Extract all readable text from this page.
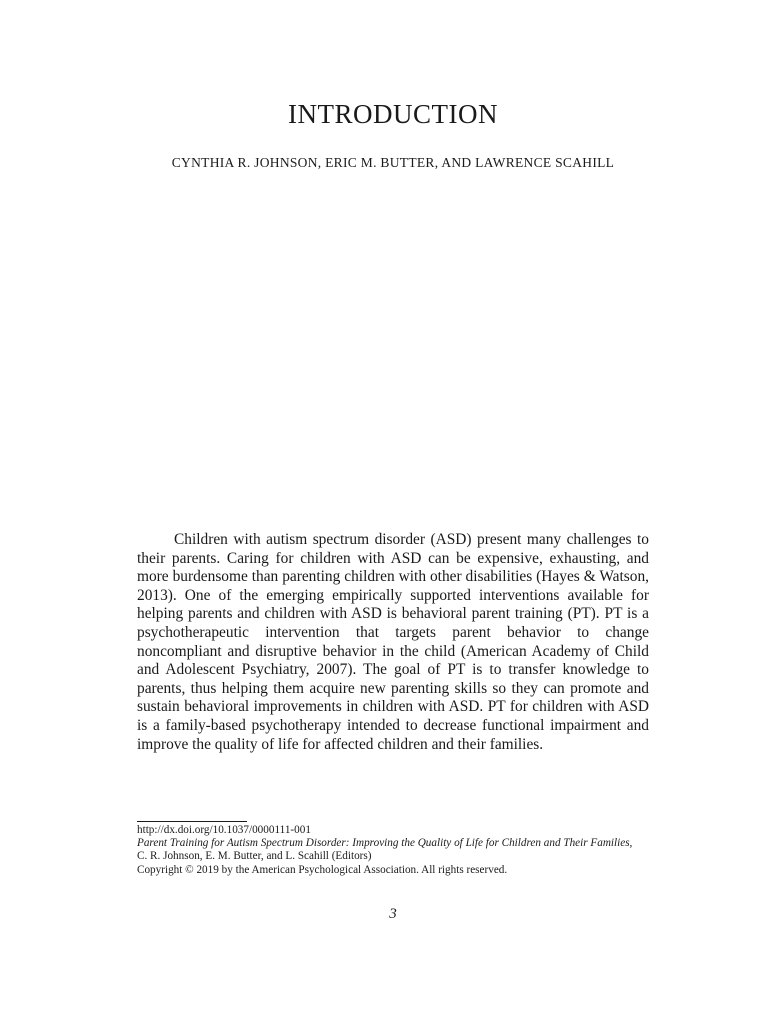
INTRODUCTION

CYNTHIA R. JOHNSON, ERIC M. BUTTER, AND LAWRENCE SCAHILL

Children with autism spectrum disorder (ASD) present many challenges to their parents. Caring for children with ASD can be expensive, exhausting, and more burdensome than parenting children with other disabilities (Hayes & Watson, 2013). One of the emerging empirically supported interventions available for helping parents and children with ASD is behavioral parent training (PT). PT is a psychotherapeutic intervention that targets parent behavior to change noncompliant and disruptive behavior in the child (American Academy of Child and Adolescent Psychiatry, 2007). The goal of PT is to transfer knowledge to parents, thus helping them acquire new parenting skills so they can promote and sustain behavioral improvements in children with ASD. PT for children with ASD is a family-based psychotherapy intended to decrease functional impairment and improve the quality of life for affected children and their families.

http://dx.doi.org/10.1037/0000111-001
Parent Training for Autism Spectrum Disorder: Improving the Quality of Life for Children and Their Families,
C. R. Johnson, E. M. Butter, and L. Scahill (Editors)
Copyright © 2019 by the American Psychological Association. All rights reserved.
3
